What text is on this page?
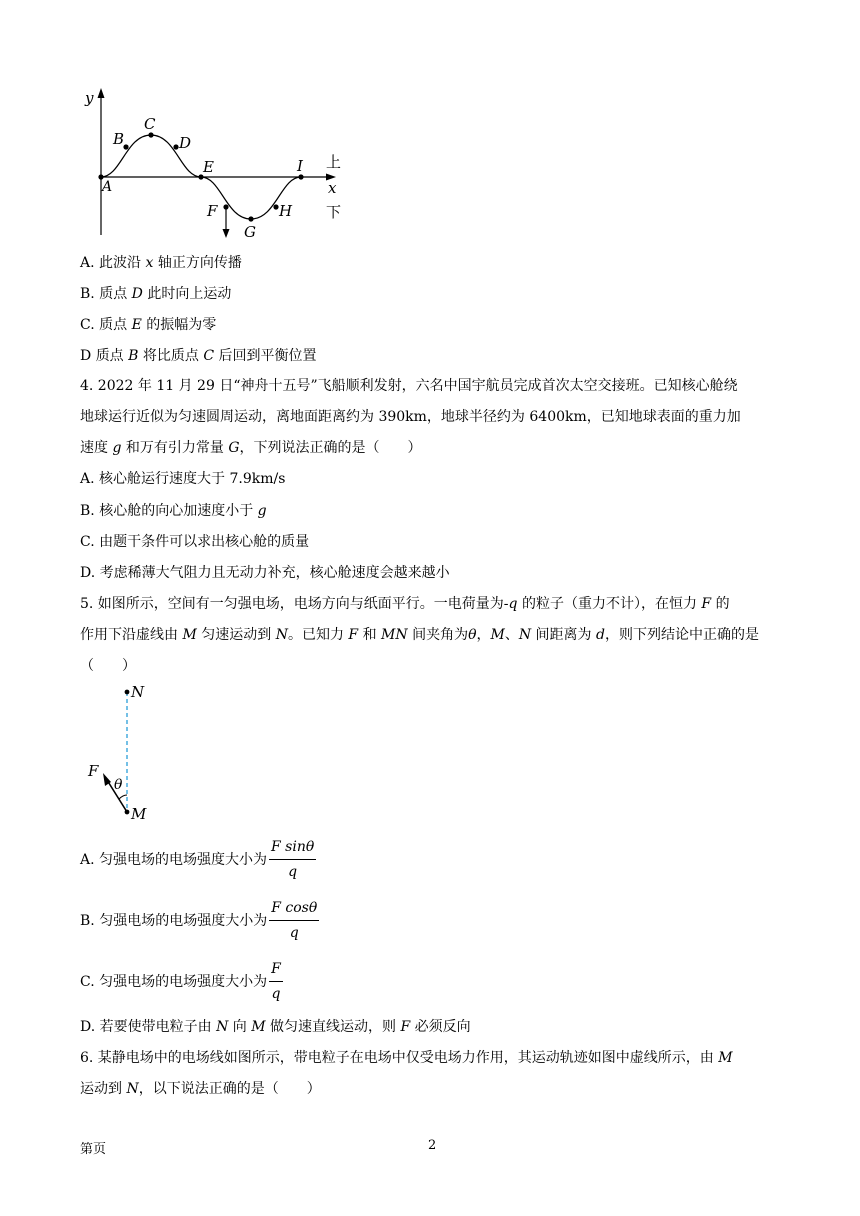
y
x
A
B
C
D
E
F
G
H
I 上
下
A. 此波沿 x 轴正方向传播
B. 质点 D 此时向上运动
C. 质点 E 的振幅为零
D 质点 B 将比质点 C 后回到平衡位置
4. 2022 年 11 月 29 日“神舟十五号”飞船顺利发射，六名中国宇航员完成首次太空交接班。已知核心舱绕
地球运行近似为匀速圆周运动，离地面距离约为 390km，地球半径约为 6400km，已知地球表面的重力加
速度 g 和万有引力常量 G，下列说法正确的是（　　）
A. 核心舱运行速度大于 7.9km/s
B. 核心舱的向心加速度小于 g
C. 由题干条件可以求出核心舱的质量
D. 考虑稀薄大气阻力且无动力补充，核心舱速度会越来越小
5. 如图所示，空间有一匀强电场，电场方向与纸面平行。一电荷量为-q 的粒子（重力不计），在恒力 F 的
作用下沿虚线由 M 匀速运动到 N。已知力 F 和 MN 间夹角为θ，M、N 间距离为 d，则下列结论中正确的是
（　　）
N
M
F
θ
A. 匀强电场的电场强度大小为 $\frac{\text{F sinθ}}{q}$
B. 匀强电场的电场强度大小为 $\frac{\text{F cosθ}}{q}$
C. 匀强电场的电场强度大小为 $\frac{F}{q}$
D. 若要使带电粒子由 N 向 M 做匀速直线运动，则 F 必须反向
6. 某静电场中的电场线如图所示，带电粒子在电场中仅受电场力作用，其运动轨迹如图中虚线所示，由 M
运动到 N，以下说法正确的是（　　）
第页	2
